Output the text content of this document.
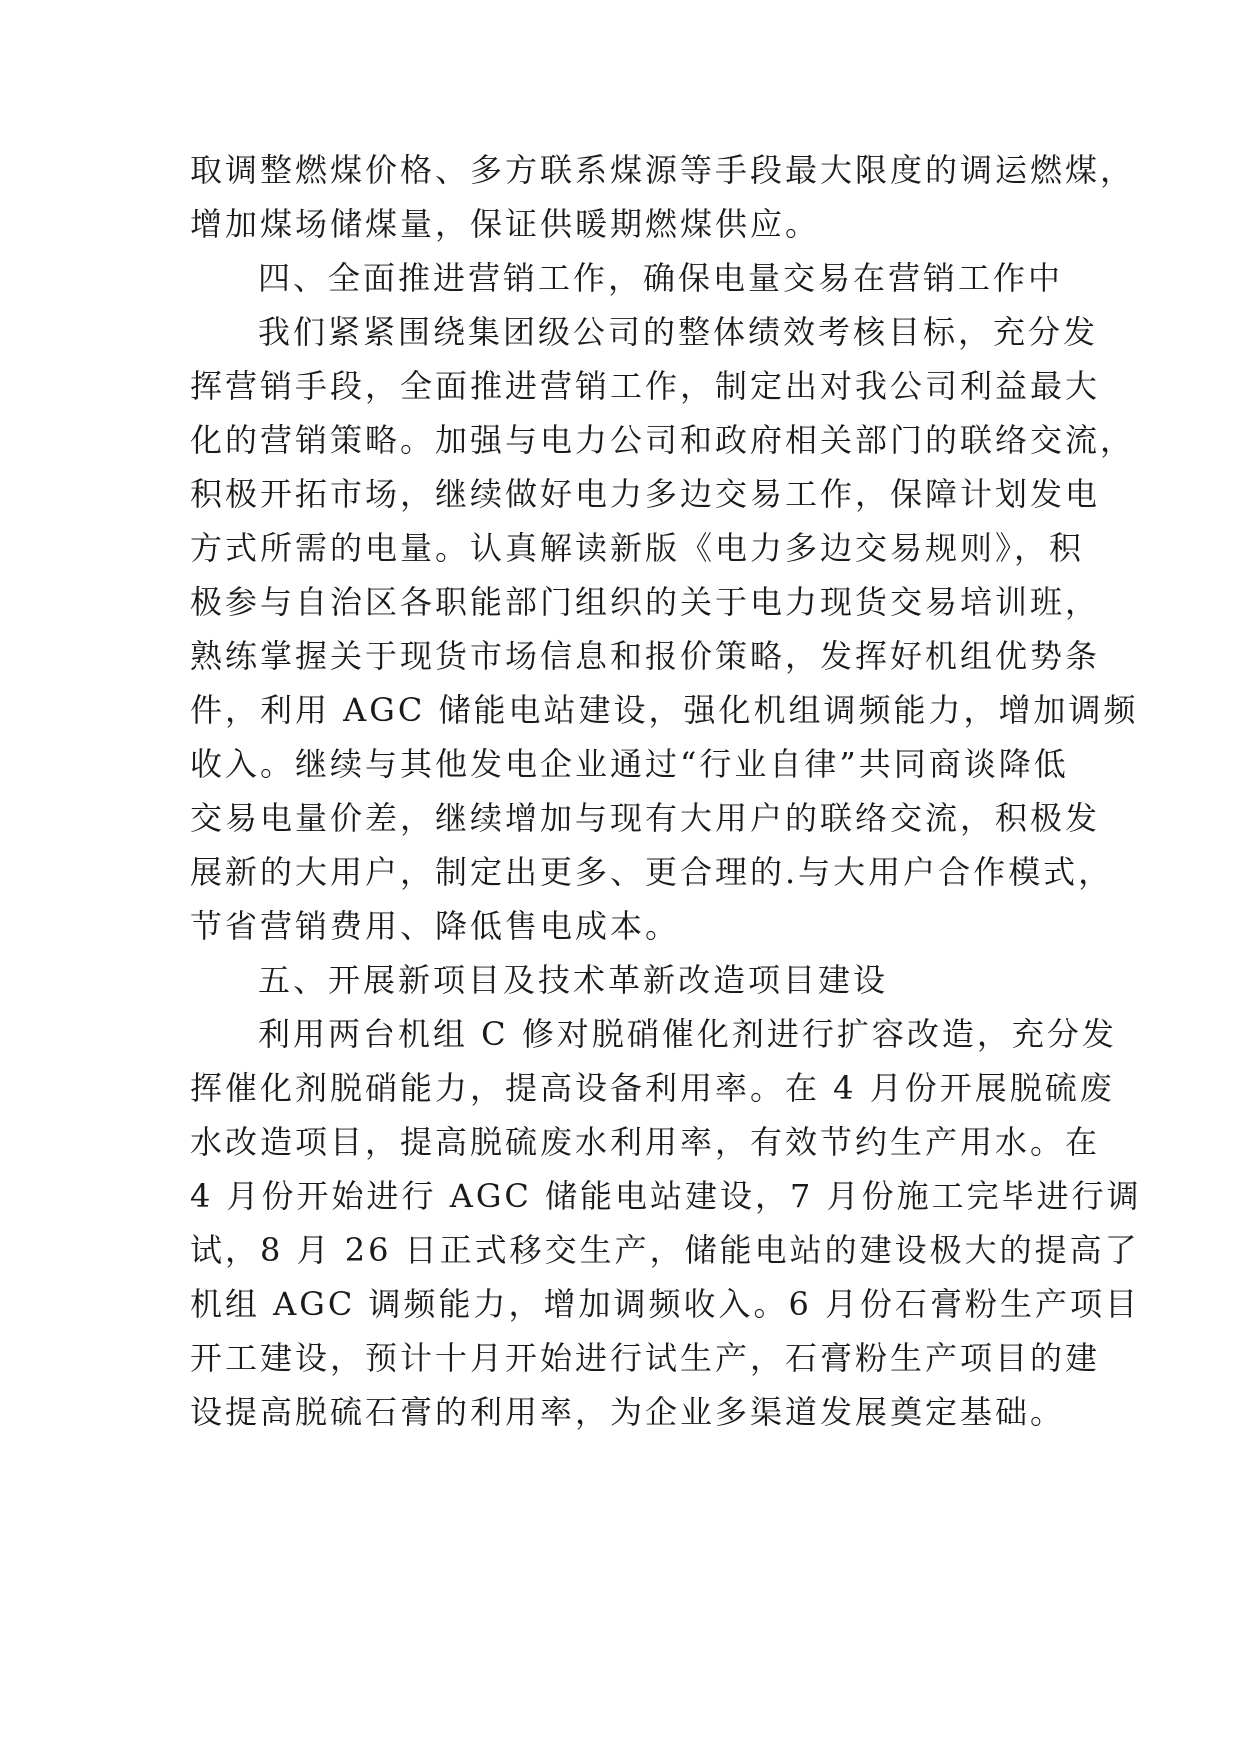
取调整燃煤价格、多方联系煤源等手段最大限度的调运燃煤，
增加煤场储煤量，保证供暖期燃煤供应。
四、全面推进营销工作，确保电量交易在营销工作中
我们紧紧围绕集团级公司的整体绩效考核目标，充分发
挥营销手段，全面推进营销工作，制定出对我公司利益最大
化的营销策略。加强与电力公司和政府相关部门的联络交流，
积极开拓市场，继续做好电力多边交易工作，保障计划发电
方式所需的电量。认真解读新版《电力多边交易规则》，积
极参与自治区各职能部门组织的关于电力现货交易培训班，
熟练掌握关于现货市场信息和报价策略，发挥好机组优势条
件，利用 AGC 储能电站建设，强化机组调频能力，增加调频
收入。继续与其他发电企业通过“行业自律”共同商谈降低
交易电量价差，继续增加与现有大用户的联络交流，积极发
展新的大用户，制定出更多、更合理的.与大用户合作模式，
节省营销费用、降低售电成本。
五、开展新项目及技术革新改造项目建设
利用两台机组 C 修对脱硝催化剂进行扩容改造，充分发
挥催化剂脱硝能力，提高设备利用率。在 4 月份开展脱硫废
水改造项目，提高脱硫废水利用率，有效节约生产用水。在
4 月份开始进行 AGC 储能电站建设，7 月份施工完毕进行调
试，8 月 26 日正式移交生产，储能电站的建设极大的提高了
机组 AGC 调频能力，增加调频收入。6 月份石膏粉生产项目
开工建设，预计十月开始进行试生产，石膏粉生产项目的建
设提高脱硫石膏的利用率，为企业多渠道发展奠定基础。
